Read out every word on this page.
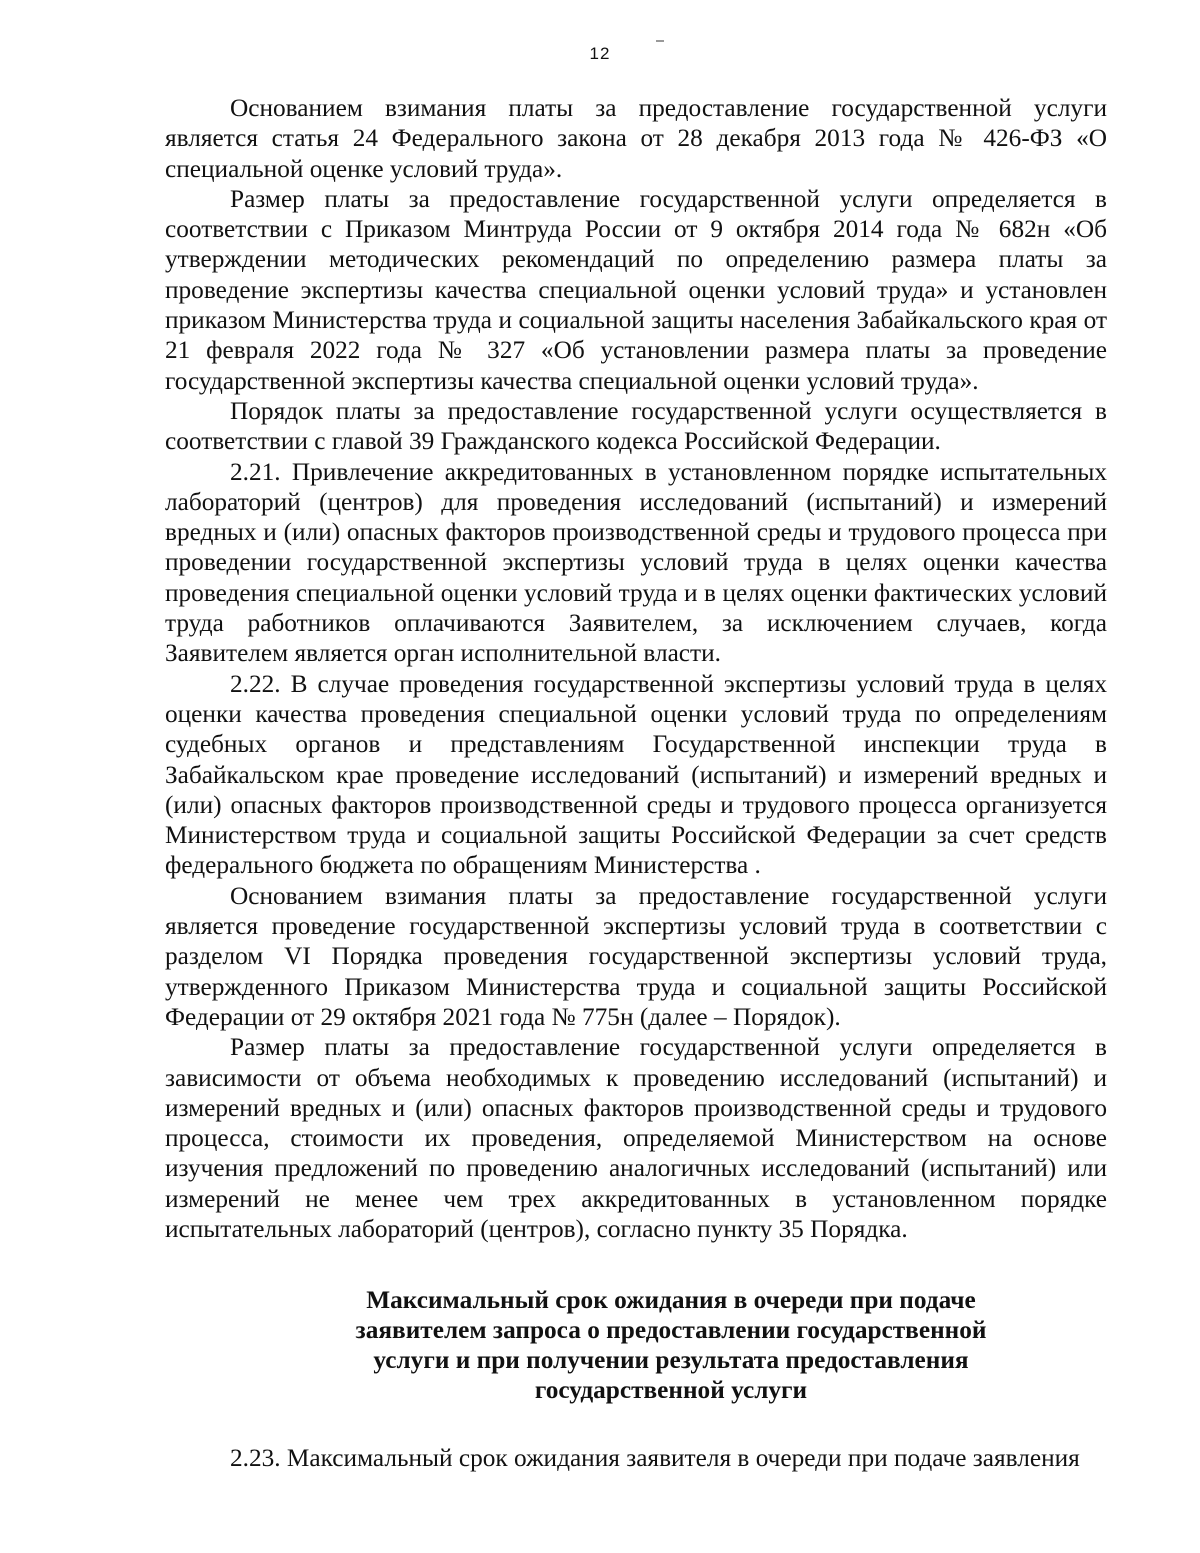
12

Основанием взимания платы за предоставление государственной услуги является статья 24 Федерального закона от 28 декабря 2013 года № 426-ФЗ «О специальной оценке условий труда».

Размер платы за предоставление государственной услуги определяется в соответствии с Приказом Минтруда России от 9 октября 2014 года № 682н «Об утверждении методических рекомендаций по определению размера платы за проведение экспертизы качества специальной оценки условий труда» и установлен приказом Министерства труда и социальной защиты населения Забайкальского края от 21 февраля 2022 года № 327 «Об установлении размера платы за проведение государственной экспертизы качества специальной оценки условий труда».

Порядок платы за предоставление государственной услуги осуществляется в соответствии с главой 39 Гражданского кодекса Российской Федерации.

2.21. Привлечение аккредитованных в установленном порядке испытательных лабораторий (центров) для проведения исследований (испытаний) и измерений вредных и (или) опасных факторов производственной среды и трудового процесса при проведении государственной экспертизы условий труда в целях оценки качества проведения специальной оценки условий труда и в целях оценки фактических условий труда работников оплачиваются Заявителем, за исключением случаев, когда Заявителем является орган исполнительной власти.

2.22. В случае проведения государственной экспертизы условий труда в целях оценки качества проведения специальной оценки условий труда по определениям судебных органов и представлениям Государственной инспекции труда в Забайкальском крае проведение исследований (испытаний) и измерений вредных и (или) опасных факторов производственной среды и трудового процесса организуется Министерством труда и социальной защиты Российской Федерации за счет средств федерального бюджета по обращениям Министерства .

Основанием взимания платы за предоставление государственной услуги является проведение государственной экспертизы условий труда в соответствии с разделом VI Порядка проведения государственной экспертизы условий труда, утвержденного Приказом Министерства труда и социальной защиты Российской Федерации от 29 октября 2021 года № 775н (далее – Порядок).

Размер платы за предоставление государственной услуги определяется в зависимости от объема необходимых к проведению исследований (испытаний) и измерений вредных и (или) опасных факторов производственной среды и трудового процесса, стоимости их проведения, определяемой Министерством на основе изучения предложений по проведению аналогичных исследований (испытаний) или измерений не менее чем трех аккредитованных в установленном порядке испытательных лабораторий (центров), согласно пункту 35 Порядка.

Максимальный срок ожидания в очереди при подаче
заявителем запроса о предоставлении государственной
услуги и при получении результата предоставления
государственной услуги

2.23. Максимальный срок ожидания заявителя в очереди при подаче заявления
